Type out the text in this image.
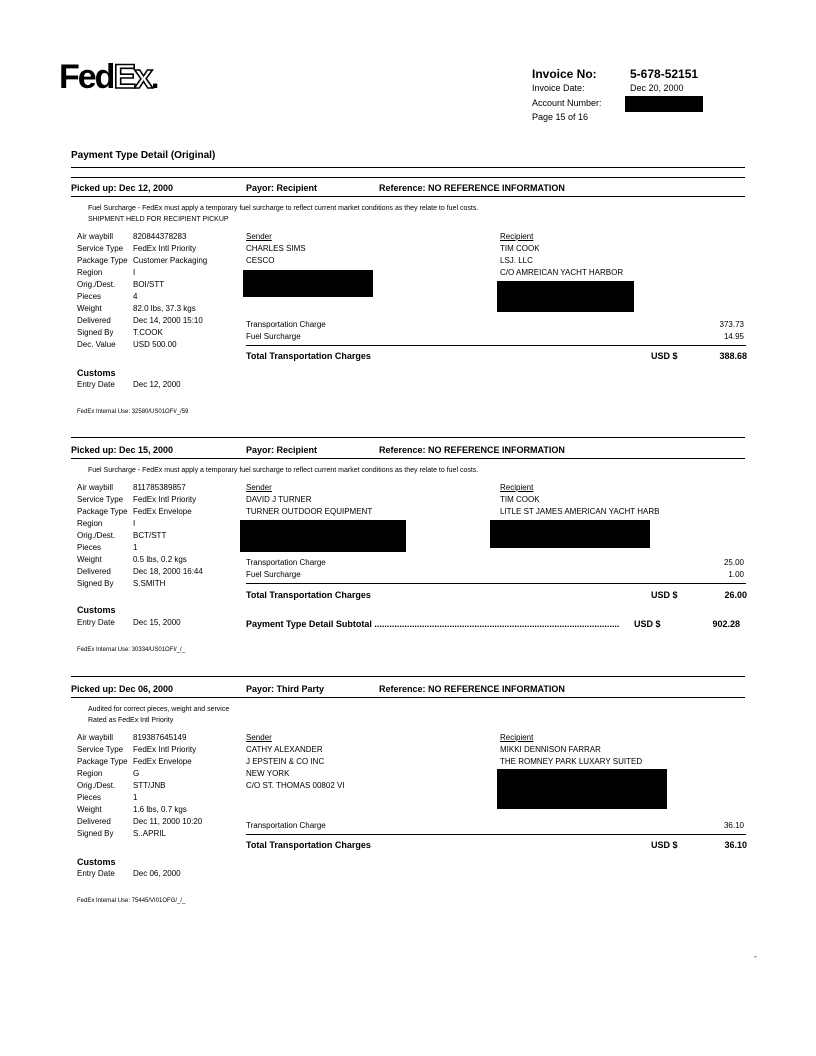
FedEx.	Invoice No:	5-678-52151
Invoice Date:	Dec 20, 2000
Account Number:
Page 15 of 16
Payment Type Detail (Original)
Picked up: Dec 12, 2000	Payor: Recipient	Reference: NO REFERENCE INFORMATION
Fuel Surcharge - FedEx must apply a temporary fuel surcharge to reflect current market conditions as they relate to fuel costs.
SHIPMENT HELD FOR RECIPIENT PICKUP
Air waybill 820844378283
Service Type FedEx Intl Priority
Package Type Customer Packaging
Region	I
Orig./Dest. BOI/STT
Pieces	4
Weight	82.0 lbs, 37.3 kgs
Delivered	Dec 14, 2000 15:10
Signed By T.COOK
Dec. Value USD 500.00
Sender
CHARLES SIMS
CESCO
Recipient
TIM COOK
LSJ. LLC
C/O AMREICAN YACHT HARBOR
Transportation Charge	373.73
Fuel Surcharge	14.95
Total Transportation Charges	USD $	388.68
Customs
Entry Date Dec 12, 2000
FedEx Internal Use: 32580/US01OFI/_/59
Picked up: Dec 15, 2000	Payor: Recipient	Reference: NO REFERENCE INFORMATION
Fuel Surcharge - FedEx must apply a temporary fuel surcharge to reflect current market conditions as they relate to fuel costs.
Air waybill 811785389857
Service Type FedEx Intl Priority
Package Type FedEx Envelope
Region	I
Orig./Dest. BCT/STT
Pieces	1
Weight	0.5 lbs, 0.2 kgs
Delivered	Dec 18, 2000 16:44
Signed By S.SMITH
Sender
DAVID J TURNER
TURNER OUTDOOR EQUIPMENT
Recipient
TIM COOK
LITLE ST JAMES AMERICAN YACHT HARB
Transportation Charge	25.00
Fuel Surcharge	1.00
Total Transportation Charges	USD $	26.00
Customs
Entry Date Dec 15, 2000	Payment Type Detail Subtotal ..................................................................................................	USD $	902.28
FedEx Internal Use: 30334/US01OFI/_/_
Picked up: Dec 06, 2000	Payor: Third Party	Reference: NO REFERENCE INFORMATION
Audited for correct pieces, weight and service
Rated as FedEx Intl Priority
Air waybill 819387645149
Service Type FedEx Intl Priority
Package Type FedEx Envelope
Region	G
Orig./Dest. STT/JNB
Pieces	1
Weight	1.6 lbs, 0.7 kgs
Delivered	Dec 11, 2000 10:20
Signed By S..APRIL
Sender
CATHY ALEXANDER
J EPSTEIN & CO INC
NEW YORK
C/O ST. THOMAS 00802 VI
Recipient
MIKKI DENNISON FARRAR
THE ROMNEY PARK LUXARY SUITED
Transportation Charge	36.10
Total Transportation Charges	USD $	36.10
Customs
Entry Date Dec 06, 2000
FedEx Internal Use: 75445/VI01OFG/_/_
-
